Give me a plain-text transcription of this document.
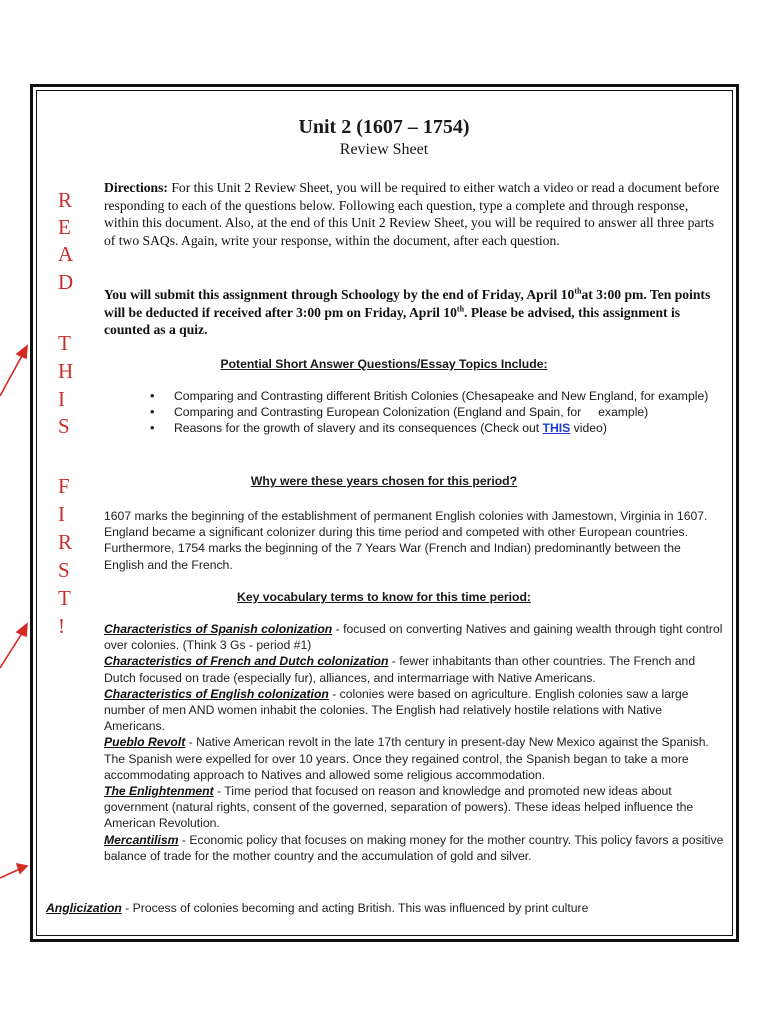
Unit 2 (1607 – 1754)
Review Sheet
R
E
A
D
T
H
I
S
F
I
R
S
T
!
Directions: For this Unit 2 Review Sheet, you will be required to either watch a video or read a document before responding to each of the questions below. Following each question, type a complete and through response, within this document. Also, at the end of this Unit 2 Review Sheet, you will be required to answer all three parts of two SAQs. Again, write your response, within the document, after each question.
You will submit this assignment through Schoology by the end of Friday, April 10that 3:00 pm. Ten points will be deducted if received after 3:00 pm on Friday, April 10th. Please be advised, this assignment is counted as a quiz.
Potential Short Answer Questions/Essay Topics Include:
• Comparing and Contrasting different British Colonies (Chesapeake and New England, for example)
• Comparing and Contrasting European Colonization (England and Spain, for     example)
• Reasons for the growth of slavery and its consequences (Check out THIS video)
Why were these years chosen for this period?
1607 marks the beginning of the establishment of permanent English colonies with Jamestown, Virginia in 1607. England became a significant colonizer during this time period and competed with other European countries. Furthermore, 1754 marks the beginning of the 7 Years War (French and Indian) predominantly between the English and the French.
Key vocabulary terms to know for this time period:

Characteristics of Spanish colonization - focused on converting Natives and gaining wealth through tight control over colonies. (Think 3 Gs - period #1)

Characteristics of French and Dutch colonization - fewer inhabitants than other countries. The French and Dutch focused on trade (especially fur), alliances, and intermarriage with Native Americans.

Characteristics of English colonization - colonies were based on agriculture. English colonies saw a large number of men AND women inhabit the colonies. The English had relatively hostile relations with Native Americans.

Pueblo Revolt - Native American revolt in the late 17th century in present-day New Mexico against the Spanish. The Spanish were expelled for over 10 years. Once they regained control, the Spanish began to take a more accommodating approach to Natives and allowed some religious accommodation.

The Enlightenment - Time period that focused on reason and knowledge and promoted new ideas about government (natural rights, consent of the governed, separation of powers). These ideas helped influence the American Revolution.

Mercantilism - Economic policy that focuses on making money for the mother country. This policy favors a positive balance of trade for the mother country and the accumulation of gold and silver.

Anglicization - Process of colonies becoming and acting British. This was influenced by print culture
